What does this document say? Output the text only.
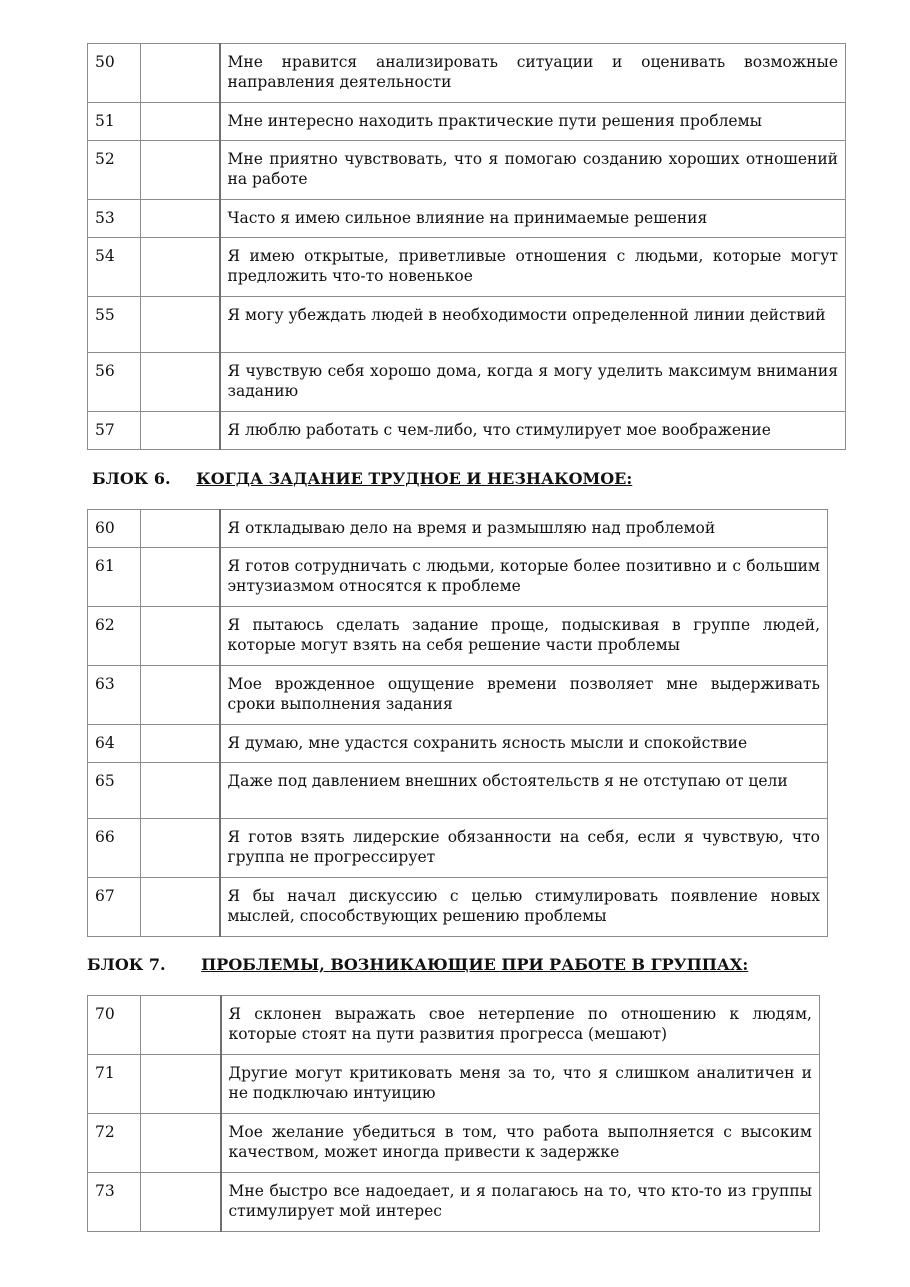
50		Мне нравится анализировать ситуации и оценивать возможные направления деятельности
51		Мне интересно находить практические пути решения проблемы
52		Мне приятно чувствовать, что я помогаю созданию хороших отношений на работе
53		Часто я имею сильное влияние на принимаемые решения
54		Я имею открытые, приветливые отношения с людьми, которые могут предложить что-то новенькое
55		Я могу убеждать людей в необходимости определенной линии действий
56		Я чувствую себя хорошо дома, когда я могу уделить максимум внимания заданию
57		Я люблю работать с чем-либо, что стимулирует мое воображение
БЛОК 6. КОГДА ЗАДАНИЕ ТРУДНОЕ И НЕЗНАКОМОЕ:
60		Я откладываю дело на время и размышляю над проблемой
61		Я готов сотрудничать с людьми, которые более позитивно и с большим энтузиазмом относятся к проблеме
62		Я пытаюсь сделать задание проще, подыскивая в группе людей, которые могут взять на себя решение части проблемы
63		Мое врожденное ощущение времени позволяет мне выдерживать сроки выполнения задания
64		Я думаю, мне удастся сохранить ясность мысли и спокойствие
65		Даже под давлением внешних обстоятельств я не отступаю от цели
66		Я готов взять лидерские обязанности на себя, если я чувствую, что группа не прогрессирует
67		Я бы начал дискуссию с целью стимулировать появление новых мыслей, способствующих решению проблемы
БЛОК 7. ПРОБЛЕМЫ, ВОЗНИКАЮЩИЕ ПРИ РАБОТЕ В ГРУППАХ:
70		Я склонен выражать свое нетерпение по отношению к людям, которые стоят на пути развития прогресса (мешают)
71		Другие могут критиковать меня за то, что я слишком аналитичен и не подключаю интуицию
72		Мое желание убедиться в том, что работа выполняется с высоким качеством, может иногда привести к задержке
73		Мне быстро все надоедает, и я полагаюсь на то, что кто-то из группы стимулирует мой интерес
